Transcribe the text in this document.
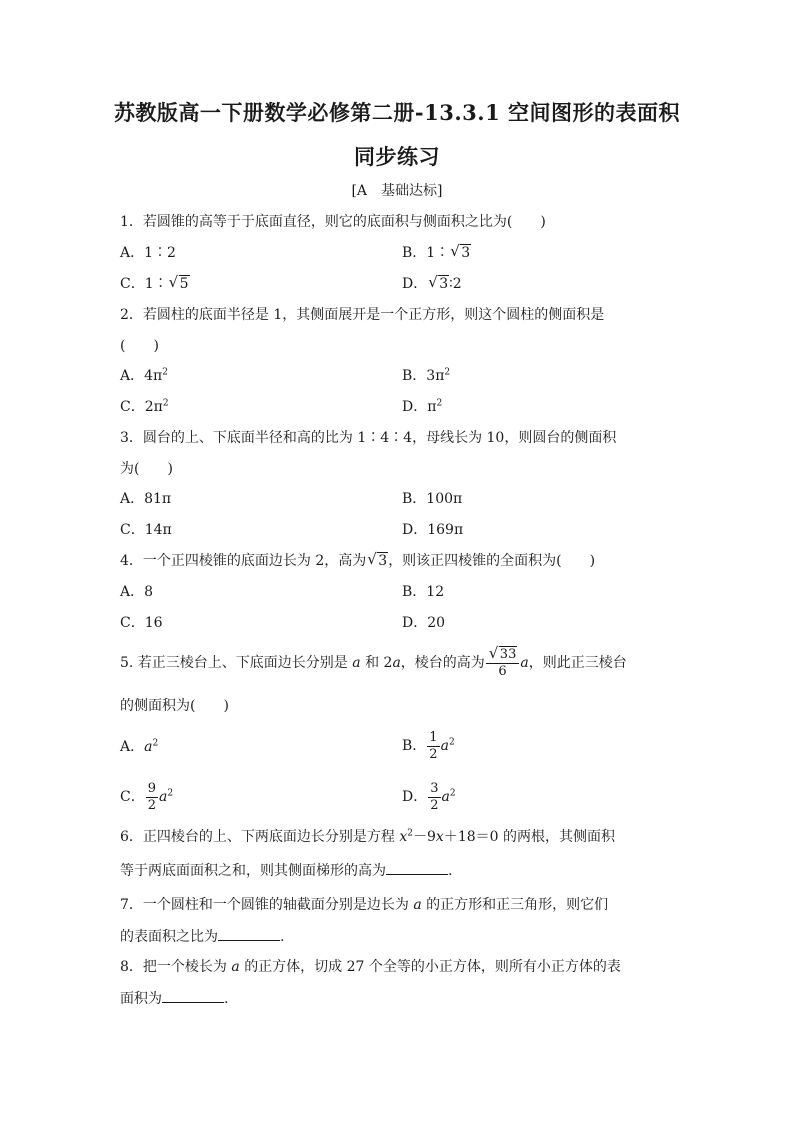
苏教版高一下册数学必修第二册-13.3.1 空间图形的表面积
同步练习
[A　基础达标]
1．若圆锥的高等于于底面直径，则它的底面积与侧面积之比为(　　)
A．1∶2	B．1∶ √ 3
C．1∶ √ 5	D． √ 3∶2
2．若圆柱的底面半径是 1，其侧面展开是一个正方形，则这个圆柱的侧面积是
(　　)
A．$4\pi^2$	B．$3\pi^2$
C．$2\pi^2$	D．$\pi^2$
3．圆台的上、下底面半径和高的比为 1∶4∶4，母线长为 10，则圆台的侧面积
为(　　)
A．81π	B．100π
C．14π	D．169π
4．一个正四棱锥的底面边长为 2，高为 √ 3，则该正四棱锥的全面积为(　　)
A．8	B．12
C．16	D．20
5. 若正三棱台上、下底面边长分别是 a 和 2a，棱台的高为 √ $\frac{33}{6}$ a，则此正三棱台
的侧面积为(　　)
A．$a^2$	B． $\frac{1}{2} a^2$
C． $\frac{9}{2} a^2$	D． $\frac{3}{2} a^2$
6．正四棱台的上、下两底面边长分别是方程 $x^2-9x+18=0$ 的两根，其侧面积
等于两底面面积之和，则其侧面梯形的高为	.
7．一个圆柱和一个圆锥的轴截面分别是边长为 a 的正方形和正三角形，则它们
的表面积之比为	.
8．把一个棱长为 a 的正方体，切成 27 个全等的小正方体，则所有小正方体的表
面积为	.
